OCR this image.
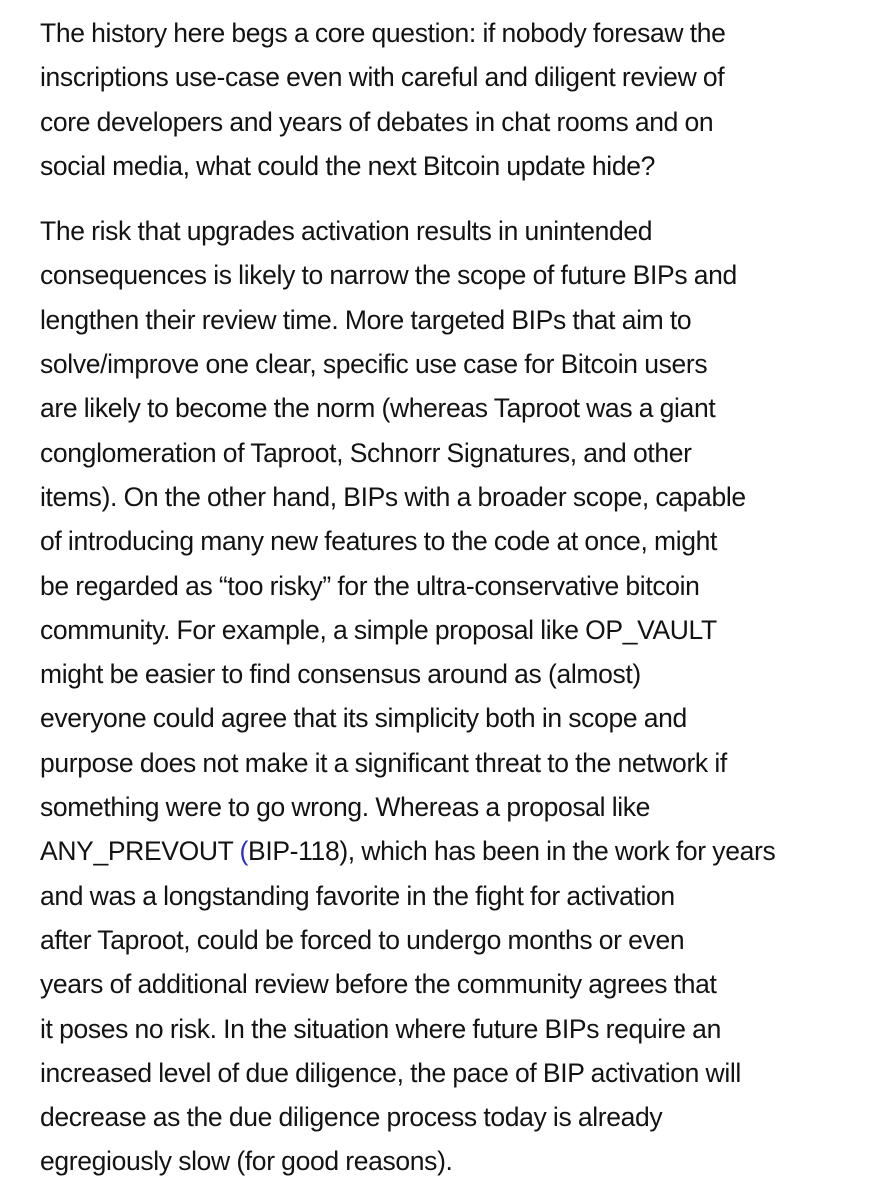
The history here begs a core question: if nobody foresaw the
inscriptions use-case even with careful and diligent review of
core developers and years of debates in chat rooms and on
social media, what could the next Bitcoin update hide?
The risk that upgrades activation results in unintended
consequences is likely to narrow the scope of future BIPs and
lengthen their review time. More targeted BIPs that aim to
solve/improve one clear, specific use case for Bitcoin users
are likely to become the norm (whereas Taproot was a giant
conglomeration of Taproot, Schnorr Signatures, and other
items). On the other hand, BIPs with a broader scope, capable
of introducing many new features to the code at once, might
be regarded as “too risky” for the ultra-conservative bitcoin
community. For example, a simple proposal like OP_VAULT
might be easier to find consensus around as (almost)
everyone could agree that its simplicity both in scope and
purpose does not make it a significant threat to the network if
something were to go wrong. Whereas a proposal like
ANY_PREVOUT (BIP-118), which has been in the work for years
and was a longstanding favorite in the fight for activation
after Taproot, could be forced to undergo months or even
years of additional review before the community agrees that
it poses no risk. In the situation where future BIPs require an
increased level of due diligence, the pace of BIP activation will
decrease as the due diligence process today is already
egregiously slow (for good reasons).
